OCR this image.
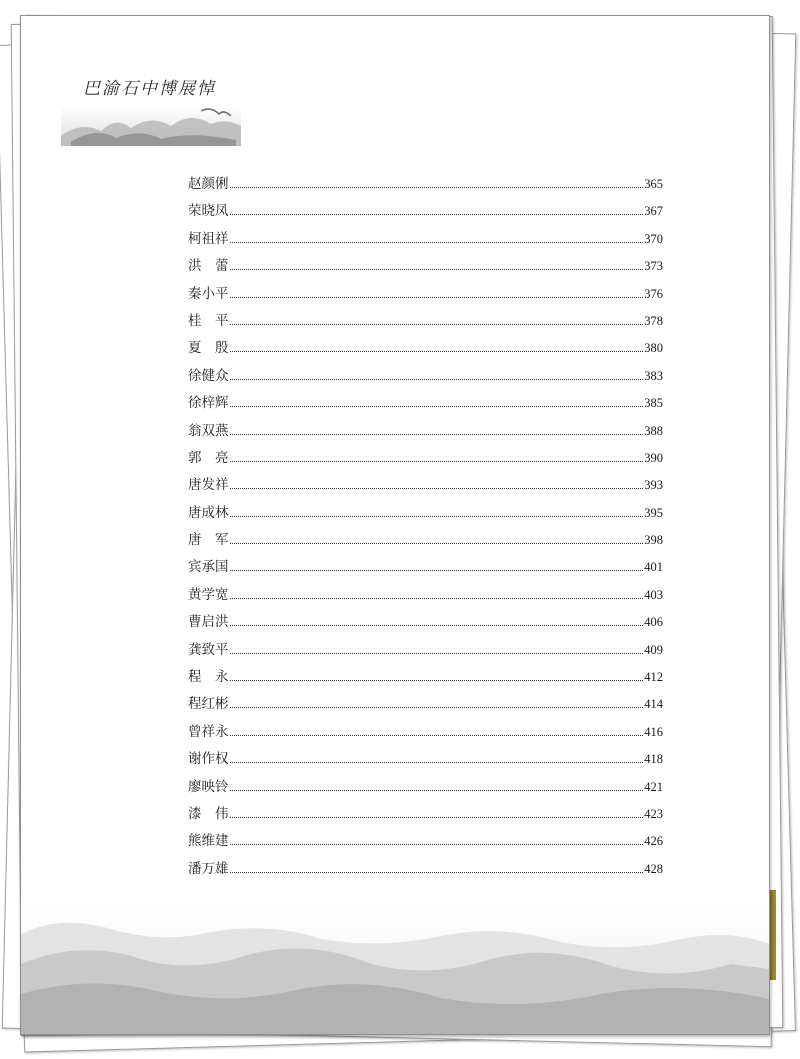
巴渝石中博展悼
赵颜俐	365
荣晓凤	367
柯祖祥	370
洪　蕾	373
秦小平	376
桂　平	378
夏　殷	380
徐健众	383
徐梓辉	385
翁双燕	388
郭　亮	390
唐发祥	393
唐成林	395
唐　军	398
宾承国	401
黄学宽	403
曹启洪	406
龚致平	409
程　永	412
程红彬	414
曾祥永	416
谢作权	418
廖映铃	421
漆　伟	423
熊维建	426
潘万雄	428
